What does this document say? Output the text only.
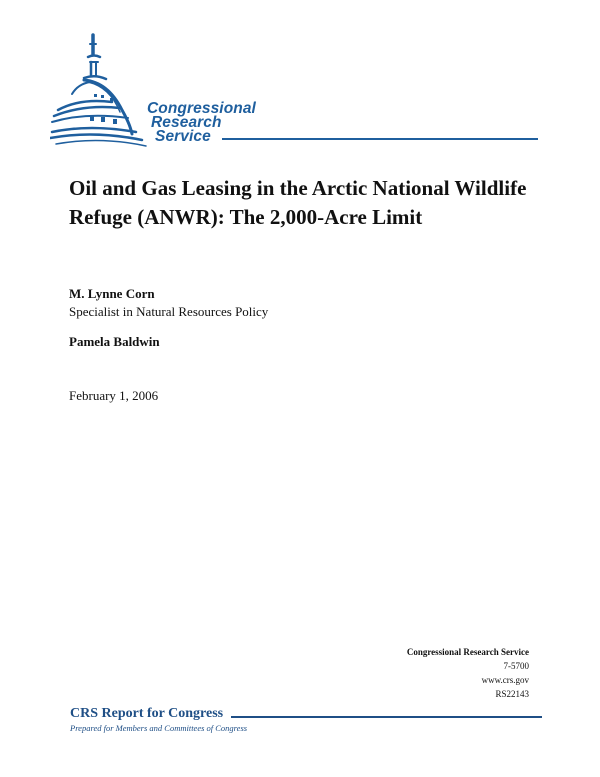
Congressional
Research
Service
Oil and Gas Leasing in the Arctic National Wildlife Refuge (ANWR): The 2,000-Acre Limit
M. Lynne Corn
Specialist in Natural Resources Policy
Pamela Baldwin
February 1, 2006
Congressional Research Service
7-5700
www.crs.gov
RS22143
CRS Report for Congress
Prepared for Members and Committees of Congress
